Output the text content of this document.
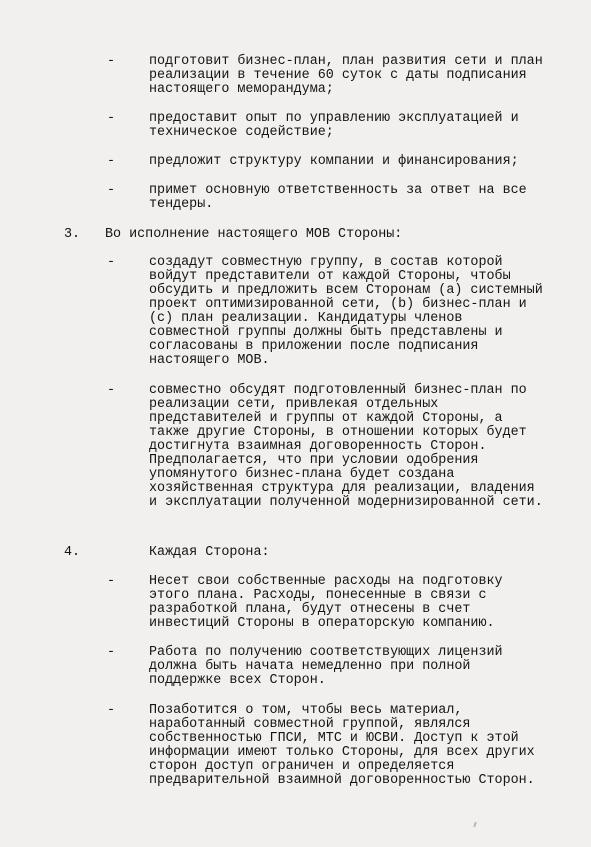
-	подготовит бизнес-план, план развития сети и план
реализации в течение 60 суток с даты подписания
настоящего меморандума;
-	предоставит опыт по управлению эксплуатацией и
техническое содействие;
-	предложит структуру компании и финансирования;
-	примет основную ответственность за ответ на все
тендеры.
3. Во исполнение настоящего МОВ Стороны:
-	создадут совместную группу, в состав которой
войдут представители от каждой Стороны, чтобы
обсудить и предложить всем Сторонам (а) системный
проект оптимизированной сети, (b) бизнес-план и
(с) план реализации. Кандидатуры членов
совместной группы должны быть представлены и
согласованы в приложении после подписания
настоящего МОВ.
-	совместно обсудят подготовленный бизнес-план по
реализации сети, привлекая отдельных
представителей и группы от каждой Стороны, а
также другие Стороны, в отношении которых будет
достигнута взаимная договоренность Сторон.
Предполагается, что при условии одобрения
упомянутого бизнес-плана будет создана
хозяйственная структура для реализации, владения
и эксплуатации полученной модернизированной сети.
4.	Каждая Сторона:
-	Несет свои собственные расходы на подготовку
этого плана. Расходы, понесенные в связи с
разработкой плана, будут отнесены в счет
инвестиций Стороны в операторскую компанию.
-	Работа по получению соответствующих лицензий
должна быть начата немедленно при полной
поддержке всех Сторон.
-	Позаботится о том, чтобы весь материал,
наработанный совместной группой, являлся
собственностью ГПСИ, МТС и ЮСВИ. Доступ к этой
информации имеют только Стороны, для всех других
сторон доступ ограничен и определяется
предварительной взаимной договоренностью Сторон.
